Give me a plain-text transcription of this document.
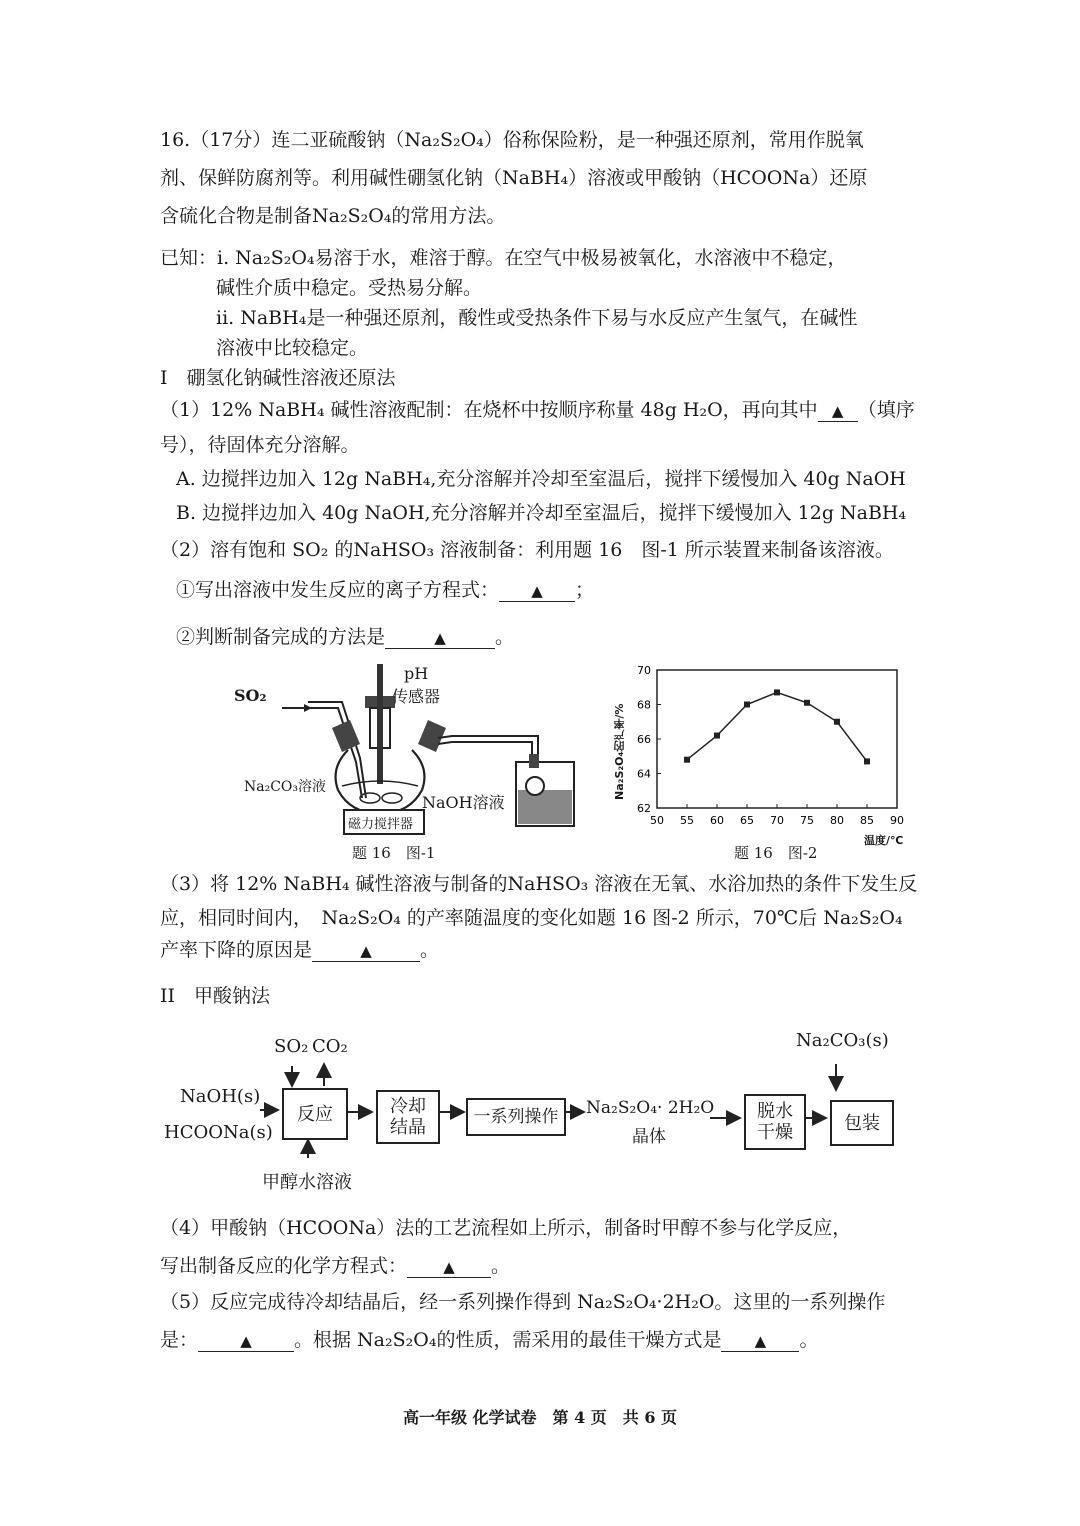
16.（17分）连二亚硫酸钠（Na₂S₂O₄）俗称保险粉，是一种强还原剂，常用作脱氧
剂、保鲜防腐剂等。利用碱性硼氢化钠（NaBH₄）溶液或甲酸钠（HCOONa）还原
含硫化合物是制备Na₂S₂O₄的常用方法。
已知：i. Na₂S₂O₄易溶于水，难溶于醇。在空气中极易被氧化，水溶液中不稳定，
碱性介质中稳定。受热易分解。
ii. NaBH₄是一种强还原剂，酸性或受热条件下易与水反应产生氢气，在碱性
溶液中比较稳定。
I　硼氢化钠碱性溶液还原法
（1）12% NaBH₄ 碱性溶液配制：在烧杯中按顺序称量 48g H₂O，再向其中 ▲ （填序
号），待固体充分溶解。
A. 边搅拌边加入 12g NaBH₄,充分溶解并冷却至室温后，搅拌下缓慢加入 40g NaOH
B. 边搅拌边加入 40g NaOH,充分溶解并冷却至室温后，搅拌下缓慢加入 12g NaBH₄
（2）溶有饱和 SO₂ 的NaHSO₃ 溶液制备：利用题 16　图-1 所示装置来制备该溶液。
①写出溶液中发生反应的离子方程式： ▲ ；
②判断制备完成的方法是	▲	。
SO₂
pH
传感器
Na₂CO₃溶液
NaOH溶液
磁力搅拌器
题 16　图-1
50 55 60 65 70 75 80 85 90
62
64
66
68
70
Na₂S₂O₄的产率/%
温度/℃
题 16　图-2
（3）将 12% NaBH₄ 碱性溶液与制备的NaHSO₃ 溶液在无氧、水浴加热的条件下发生反
应，相同时间内，　Na₂S₂O₄ 的产率随温度的变化如题 16 图-2 所示，70℃后 Na₂S₂O₄
产率下降的原因是	▲	。
II　甲酸钠法
SO₂ CO₂
NaOH(s)
HCOONa(s)
甲醇水溶液
反应	冷却
结晶
一系列操作	Na₂S₂O₄· 2H₂O
晶体
Na₂CO₃(s)
脱水
干燥	包装
（4）甲酸钠（HCOONa）法的工艺流程如上所示，制备时甲醇不参与化学反应，
写出制备反应的化学方程式： ▲ 。
（5）反应完成待冷却结晶后，经一系列操作得到 Na₂S₂O₄·2H₂O。这里的一系列操作
是：	▲ 。根据 Na₂S₂O₄的性质，需采用的最佳干燥方式是 ▲ 。
高一年级 化学试卷　第 4 页　共 6 页
